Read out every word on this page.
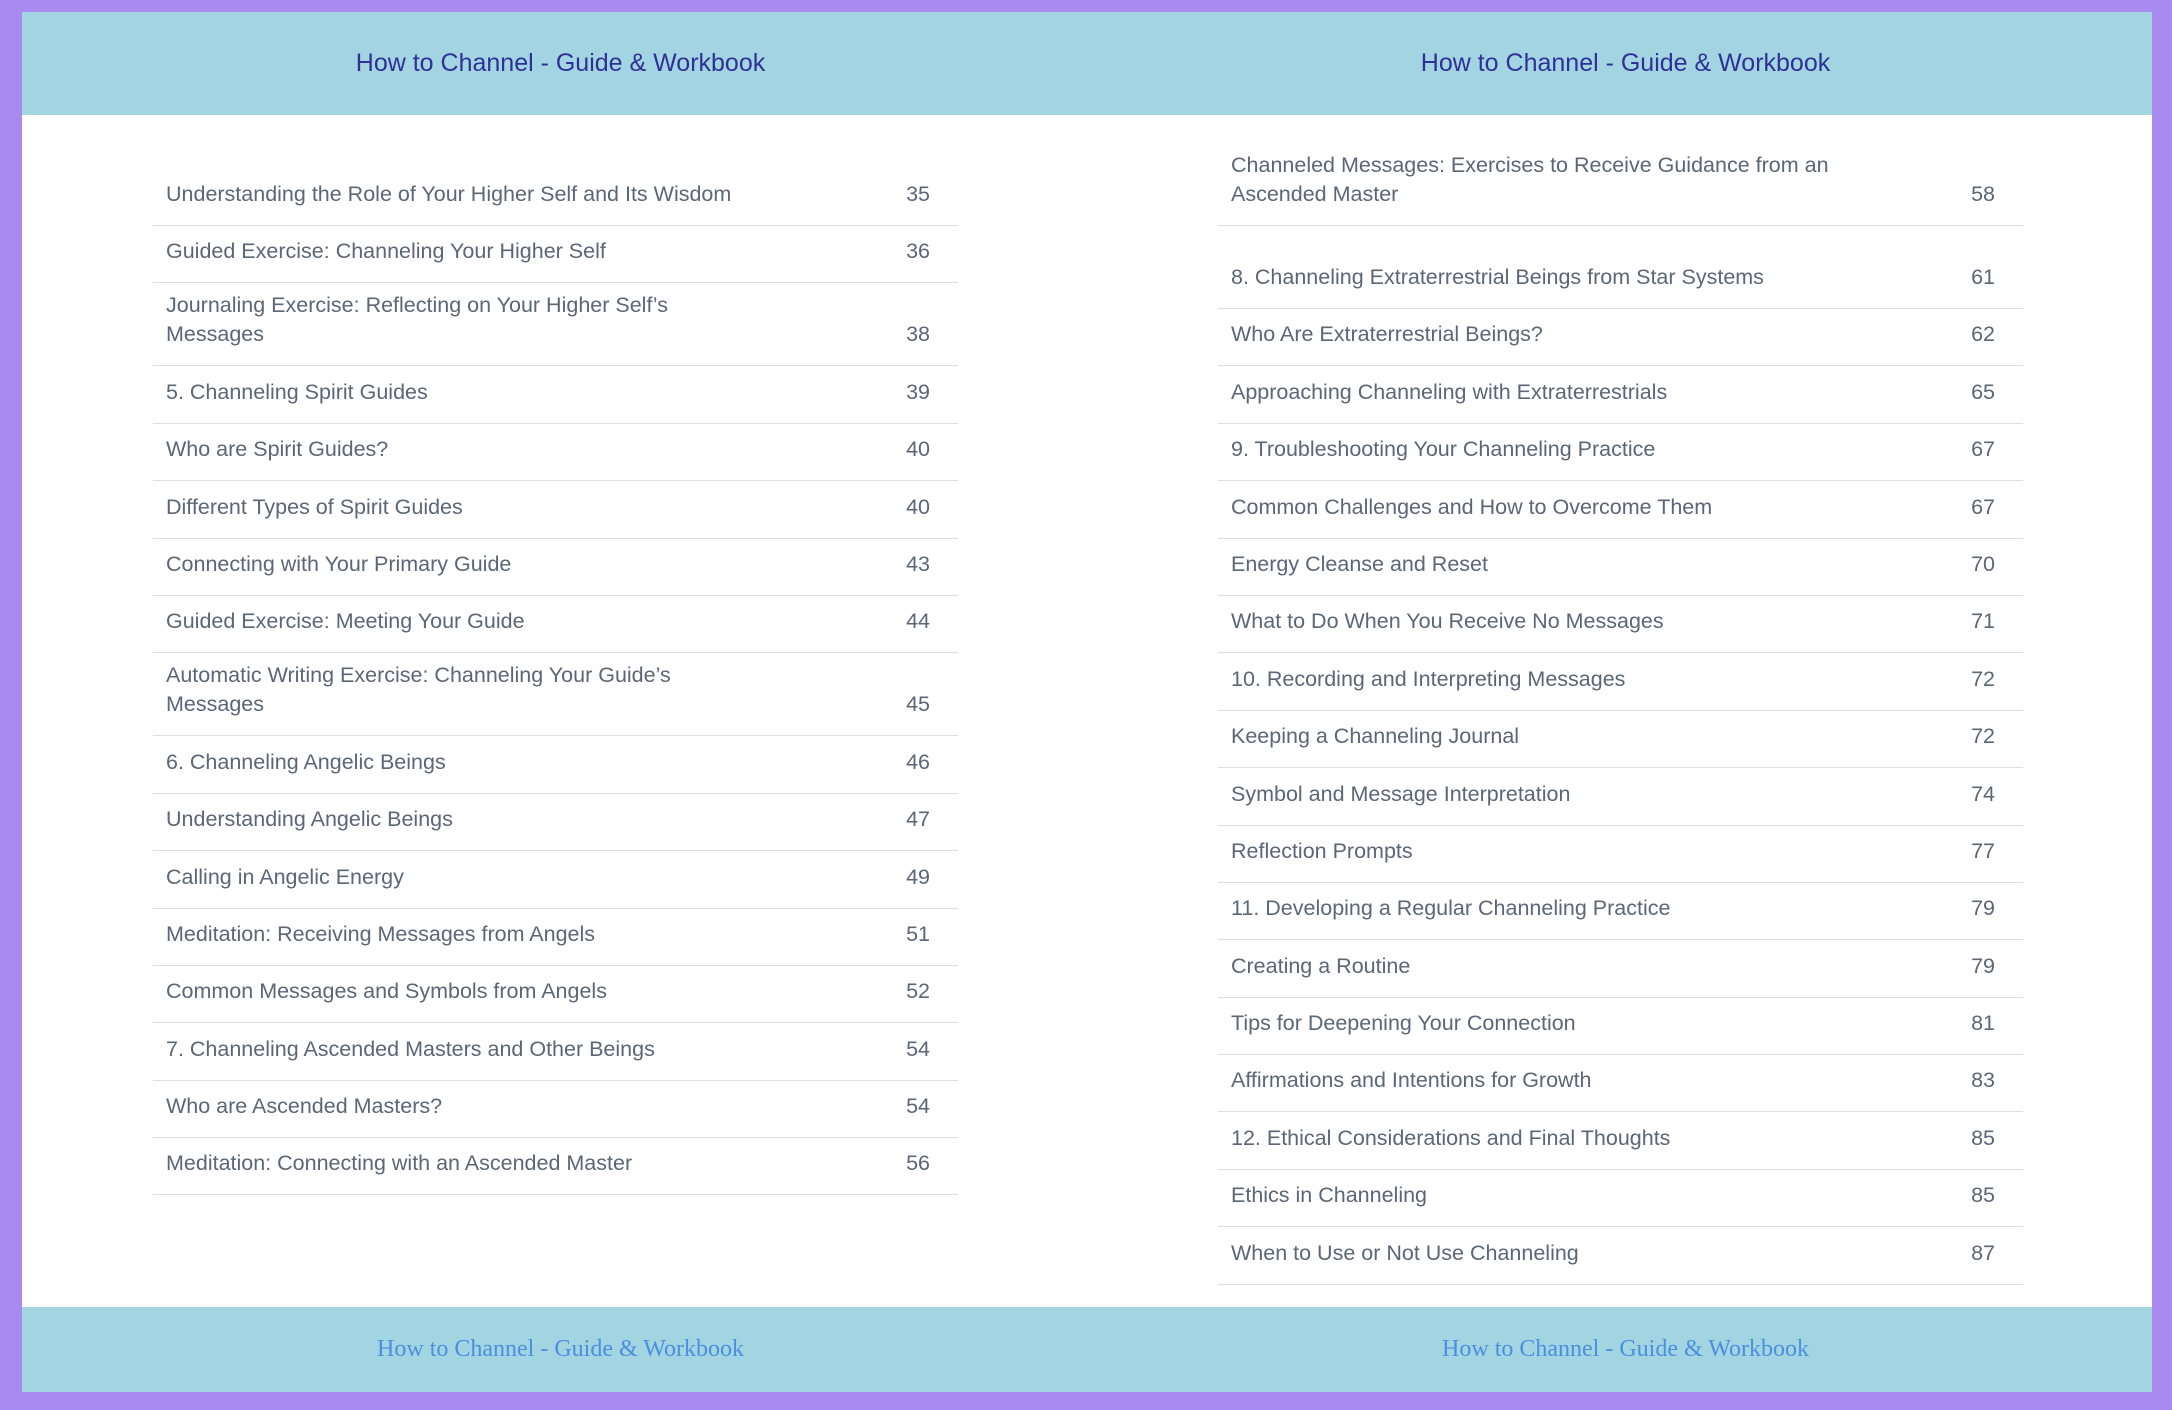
How to Channel - Guide & Workbook
Understanding the Role of Your Higher Self and Its Wisdom	35
Guided Exercise: Channeling Your Higher Self	36
Journaling Exercise: Reflecting on Your Higher Self’s Messages	38
5. Channeling Spirit Guides	39
Who are Spirit Guides?	40
Different Types of Spirit Guides	40
Connecting with Your Primary Guide	43
Guided Exercise: Meeting Your Guide	44
Automatic Writing Exercise: Channeling Your Guide’s Messages	45
6. Channeling Angelic Beings	46
Understanding Angelic Beings	47
Calling in Angelic Energy	49
Meditation: Receiving Messages from Angels	51
Common Messages and Symbols from Angels	52
7. Channeling Ascended Masters and Other Beings	54
Who are Ascended Masters?	54
Meditation: Connecting with an Ascended Master	56
How to Channel - Guide & Workbook
How to Channel - Guide & Workbook
Channeled Messages: Exercises to Receive Guidance from an Ascended Master	58
8. Channeling Extraterrestrial Beings from Star Systems	61
Who Are Extraterrestrial Beings?	62
Approaching Channeling with Extraterrestrials	65
9. Troubleshooting Your Channeling Practice	67
Common Challenges and How to Overcome Them	67
Energy Cleanse and Reset	70
What to Do When You Receive No Messages	71
10. Recording and Interpreting Messages	72
Keeping a Channeling Journal	72
Symbol and Message Interpretation	74
Reflection Prompts	77
11. Developing a Regular Channeling Practice	79
Creating a Routine	79
Tips for Deepening Your Connection	81
Affirmations and Intentions for Growth	83
12. Ethical Considerations and Final Thoughts	85
Ethics in Channeling	85
When to Use or Not Use Channeling	87
How to Channel - Guide & Workbook
